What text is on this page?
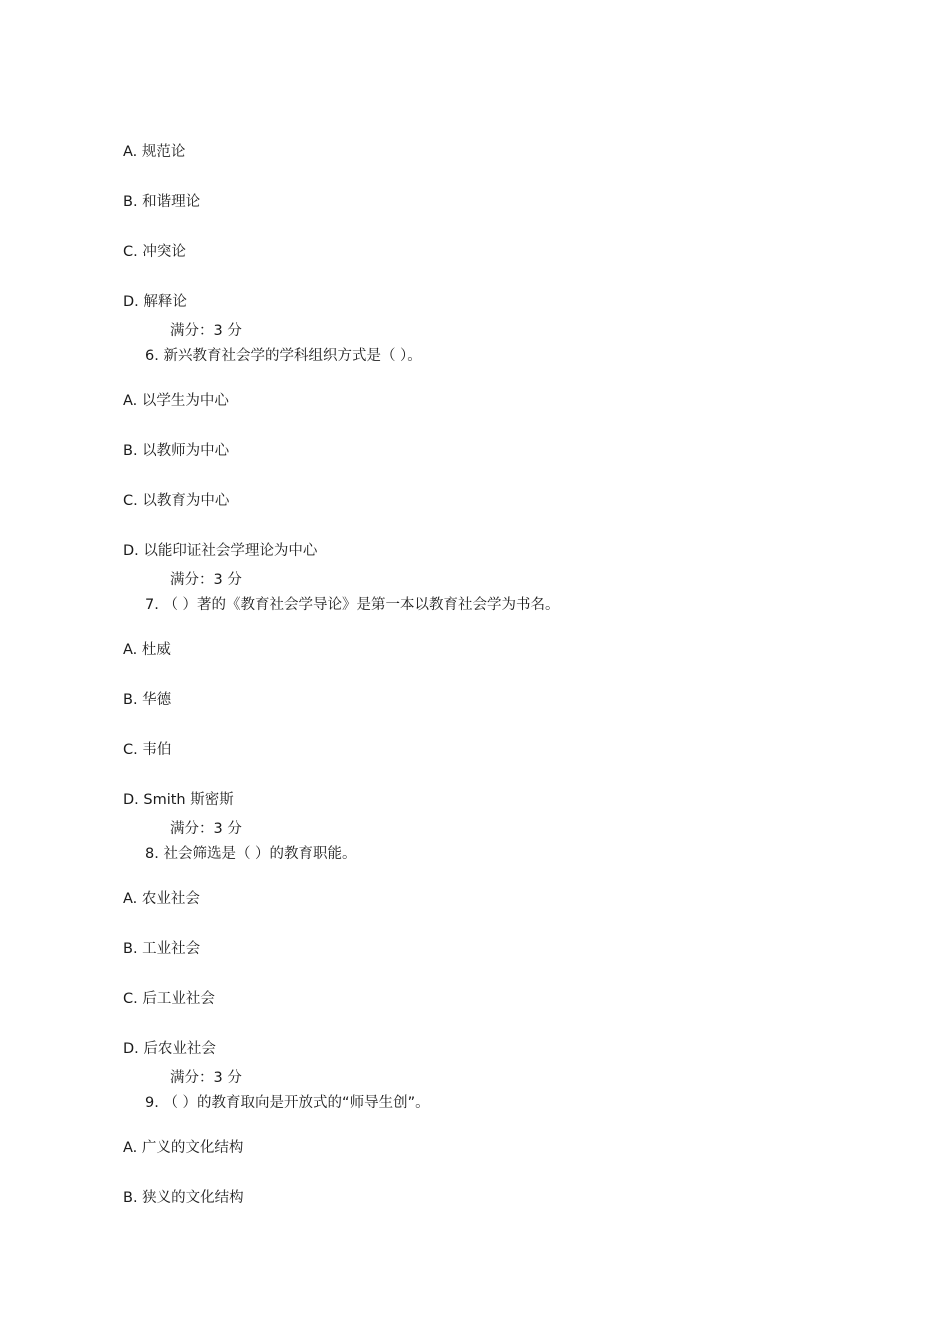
A. 规范论
B. 和谐理论
C. 冲突论
D. 解释论
满分：3 分
6. 新兴教育社会学的学科组织方式是（ ）。
A. 以学生为中心
B. 以教师为中心
C. 以教育为中心
D. 以能印证社会学理论为中心
满分：3 分
7. （ ）著的《教育社会学导论》是第一本以教育社会学为书名。
A. 杜威
B. 华德
C. 韦伯
D. Smith 斯密斯
满分：3 分
8. 社会筛选是（ ）的教育职能。
A. 农业社会
B. 工业社会
C. 后工业社会
D. 后农业社会
满分：3 分
9. （ ）的教育取向是开放式的“师导生创”。
A. 广义的文化结构
B. 狭义的文化结构
